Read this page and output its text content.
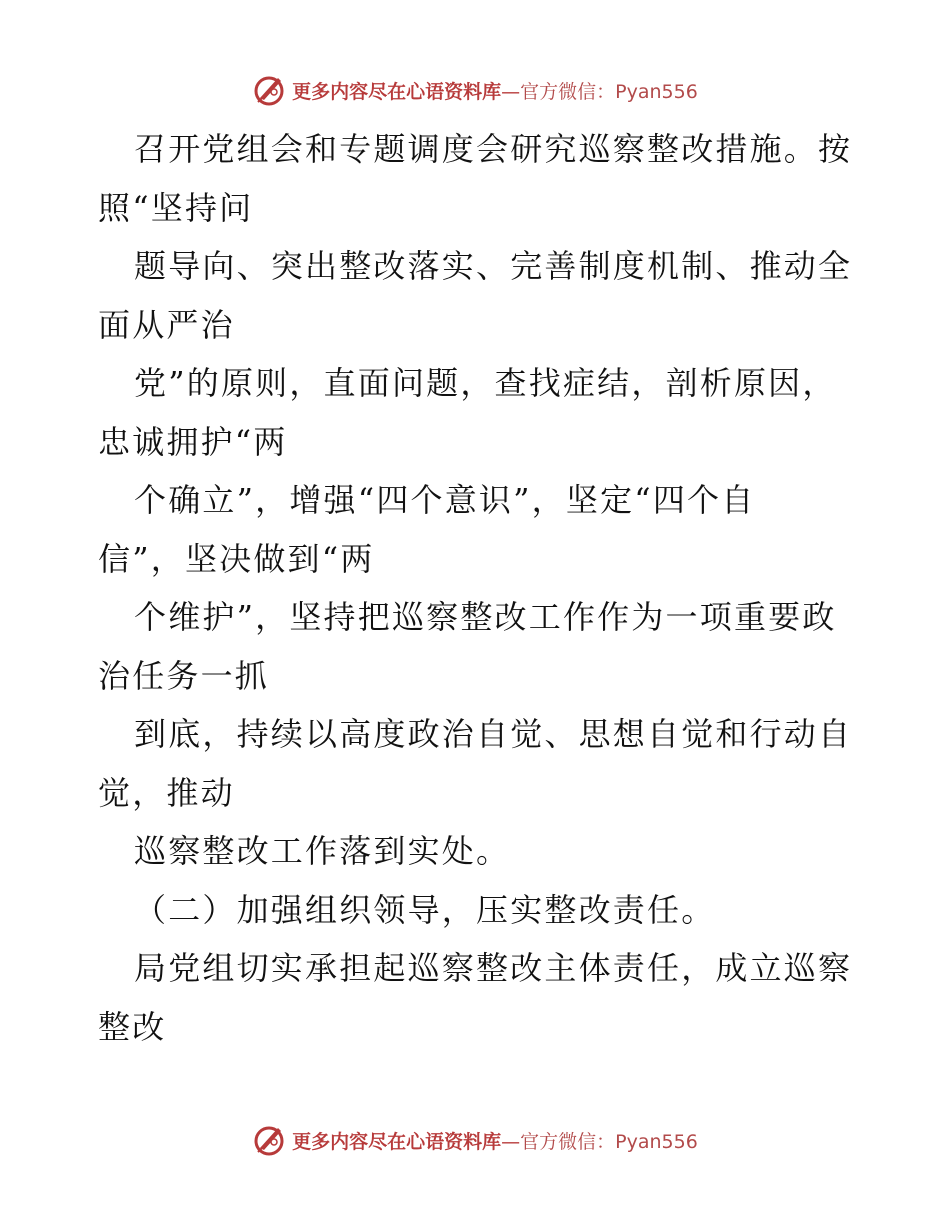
更多内容尽在心语资料库—官方微信：Pyan556
召开党组会和专题调度会研究巡察整改措施。按
照“坚持问
题导向、突出整改落实、完善制度机制、推动全
面从严治
党”的原则，直面问题，查找症结，剖析原因，
忠诚拥护“两
个确立”，增强“四个意识”，坚定“四个自
信”，坚决做到“两
个维护”，坚持把巡察整改工作作为一项重要政
治任务一抓
到底，持续以高度政治自觉、思想自觉和行动自
觉，推动
巡察整改工作落到实处。
（二）加强组织领导，压实整改责任。
局党组切实承担起巡察整改主体责任，成立巡察
整改
更多内容尽在心语资料库—官方微信：Pyan556
